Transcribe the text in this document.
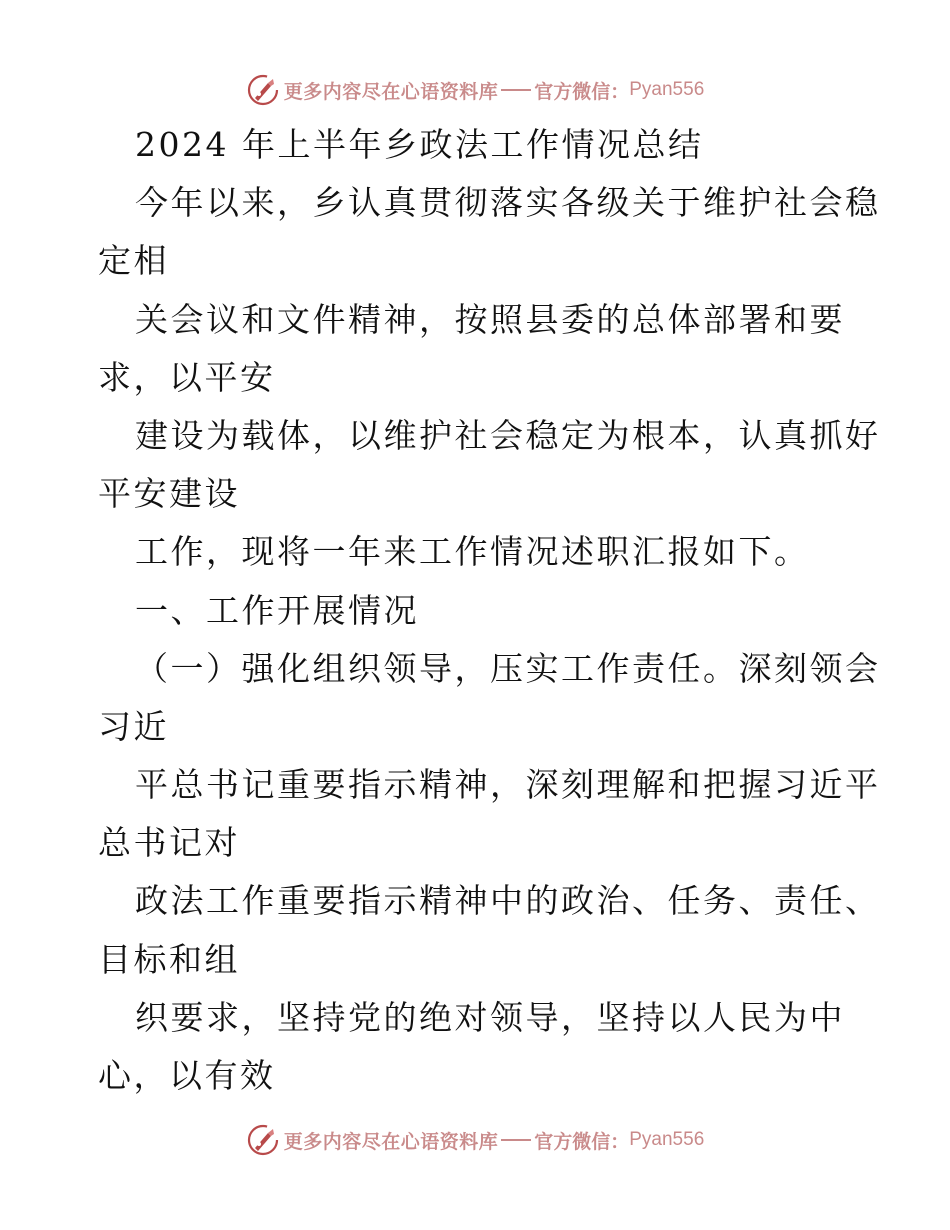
更多内容尽在心语资料库 官方微信： Pyan556
2024 年上半年乡政法工作情况总结
今年以来，乡认真贯彻落实各级关于维护社会稳
定相
关会议和文件精神，按照县委的总体部署和要
求，以平安
建设为载体，以维护社会稳定为根本，认真抓好
平安建设
工作，现将一年来工作情况述职汇报如下。
一、工作开展情况
（一）强化组织领导，压实工作责任。深刻领会
习近
平总书记重要指示精神，深刻理解和把握习近平
总书记对
政法工作重要指示精神中的政治、任务、责任、
目标和组
织要求，坚持党的绝对领导，坚持以人民为中
心，以有效
更多内容尽在心语资料库 官方微信： Pyan556
